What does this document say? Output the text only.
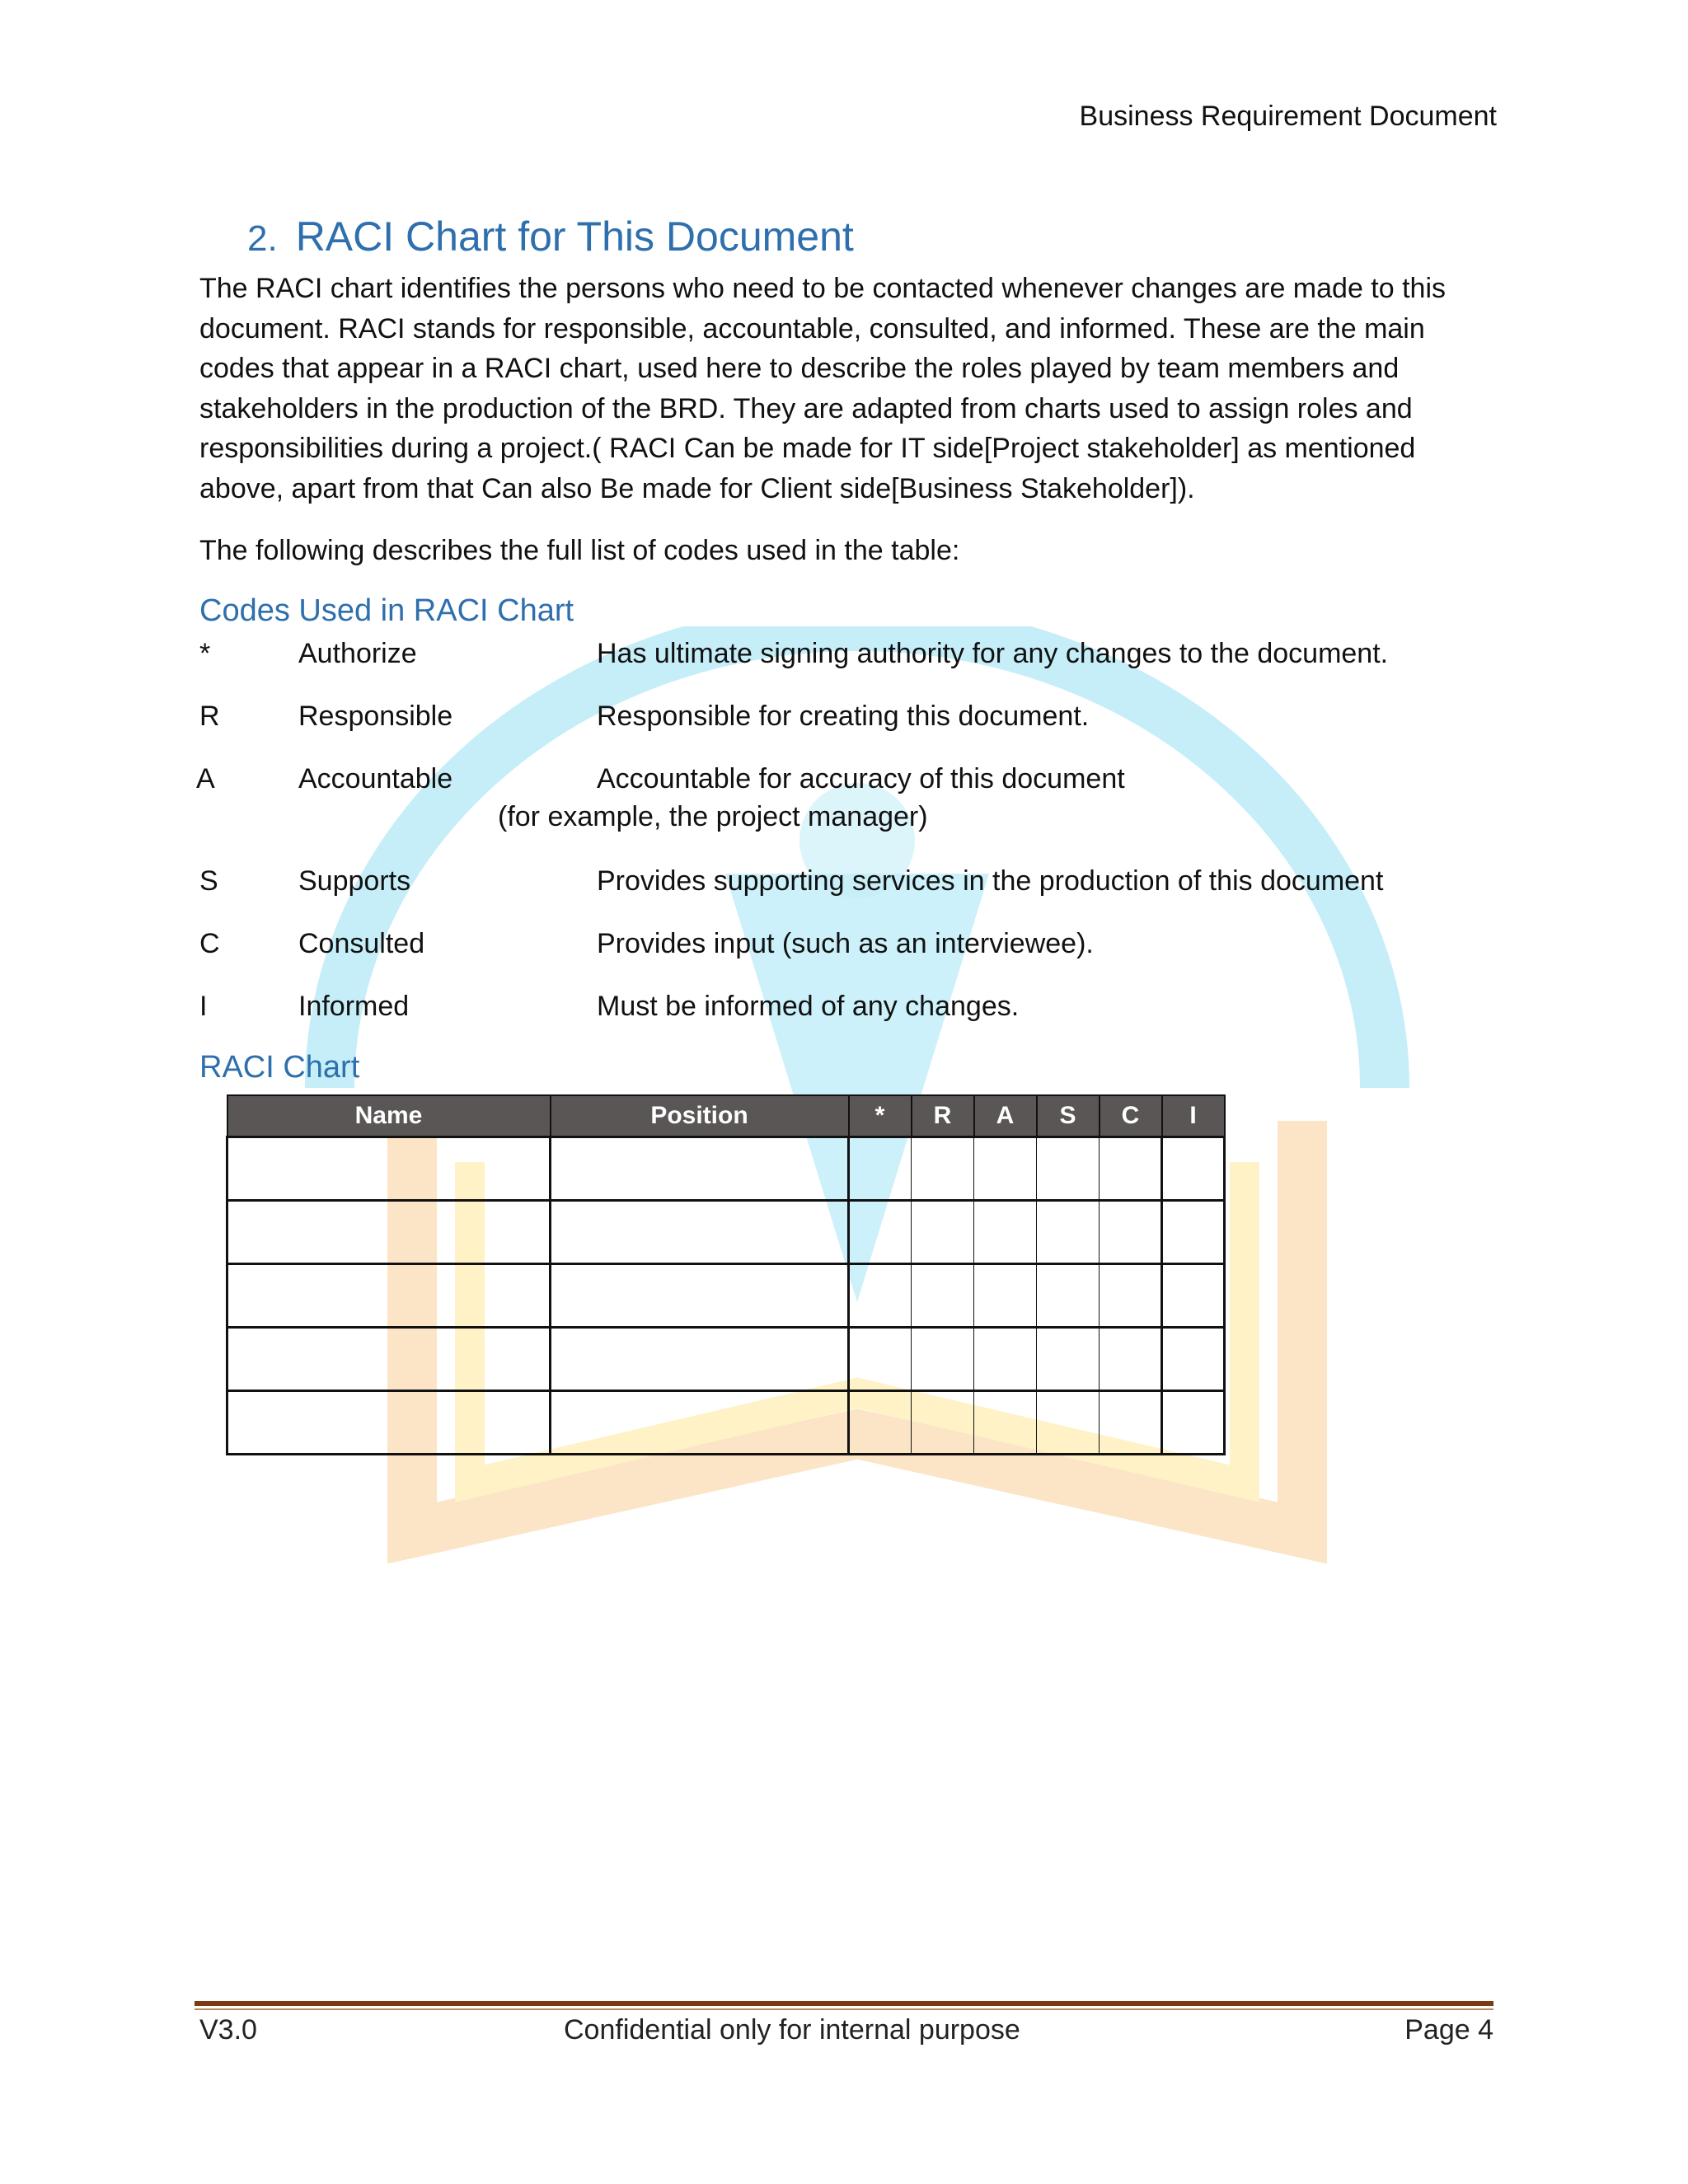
Business Requirement Document
2. RACI Chart for This Document
The RACI chart identifies the persons who need to be contacted whenever changes are made to this document. RACI stands for responsible, accountable, consulted, and informed. These are the main codes that appear in a RACI chart, used here to describe the roles played by team members and stakeholders in the production of the BRD. They are adapted from charts used to assign roles and responsibilities during a project.( RACI Can be made for IT side[Project stakeholder] as mentioned above, apart from that Can also Be made for Client side[Business Stakeholder]).
The following describes the full list of codes used in the table:
Codes Used in RACI Chart
*	Authorize	Has ultimate signing authority for any changes to the document.
R	Responsible	Responsible for creating this document.
A	Accountable	Accountable for accuracy of this document
(for example, the project manager)
S	Supports	Provides supporting services in the production of this document
C	Consulted	Provides input (such as an interviewee).
I	Informed	Must be informed of any changes.
RACI Chart
Name	Position	*	R	A	S	C	I

V3.0	Confidential only for internal purpose	Page 4
